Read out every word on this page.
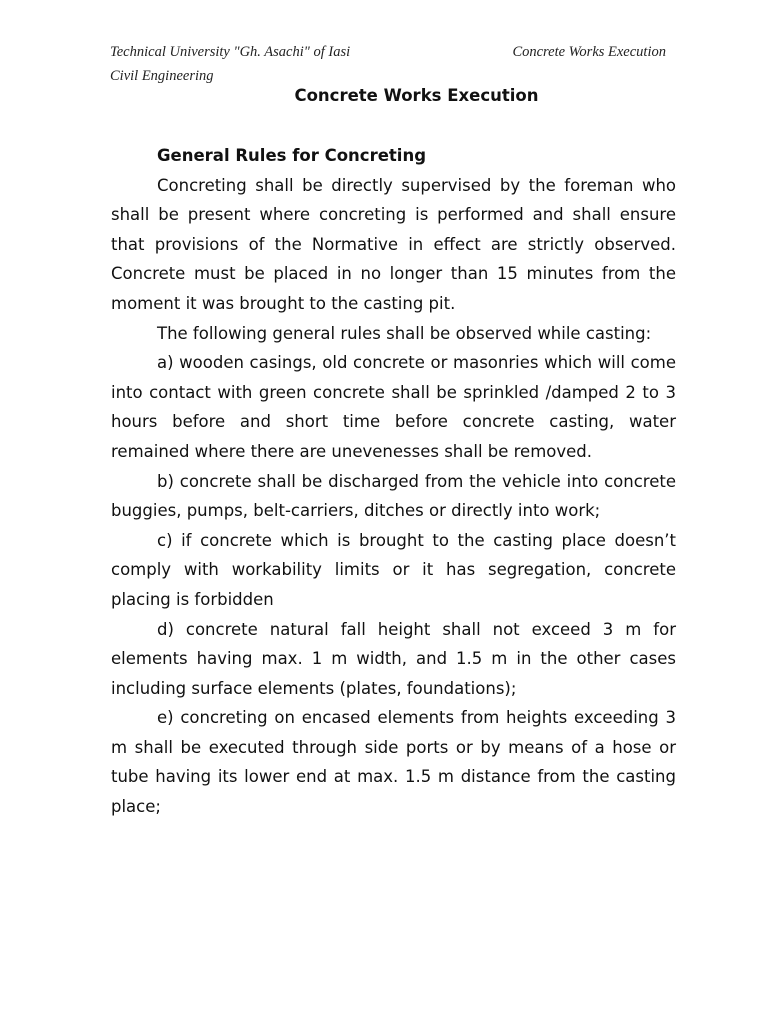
Technical University "Gh. Asachi" of Iasi
Civil Engineering
Concrete Works Execution
Concrete Works Execution

General Rules for Concreting

Concreting shall be directly supervised by the foreman who shall be present where concreting is performed and shall ensure that provisions of the Normative in effect are strictly observed. Concrete must be placed in no longer than 15 minutes from the moment it was brought to the casting pit.

The following general rules shall be observed while casting:

a) wooden casings, old concrete or masonries which will come into contact with green concrete shall be sprinkled /damped 2 to 3 hours before and short time before concrete casting, water remained where there are unevenesses shall be removed.

b) concrete shall be discharged from the vehicle into concrete buggies, pumps, belt-carriers, ditches or directly into work;

c) if concrete which is brought to the casting place doesn’t comply with workability limits or it has segregation, concrete placing is forbidden

d) concrete natural fall height shall not exceed 3 m for elements having max. 1 m width, and 1.5 m in the other cases including surface elements (plates, foundations);

e) concreting on encased elements from heights exceeding 3 m shall be executed through side ports or by means of a hose or tube having its lower end at max. 1.5 m distance from the casting place;
